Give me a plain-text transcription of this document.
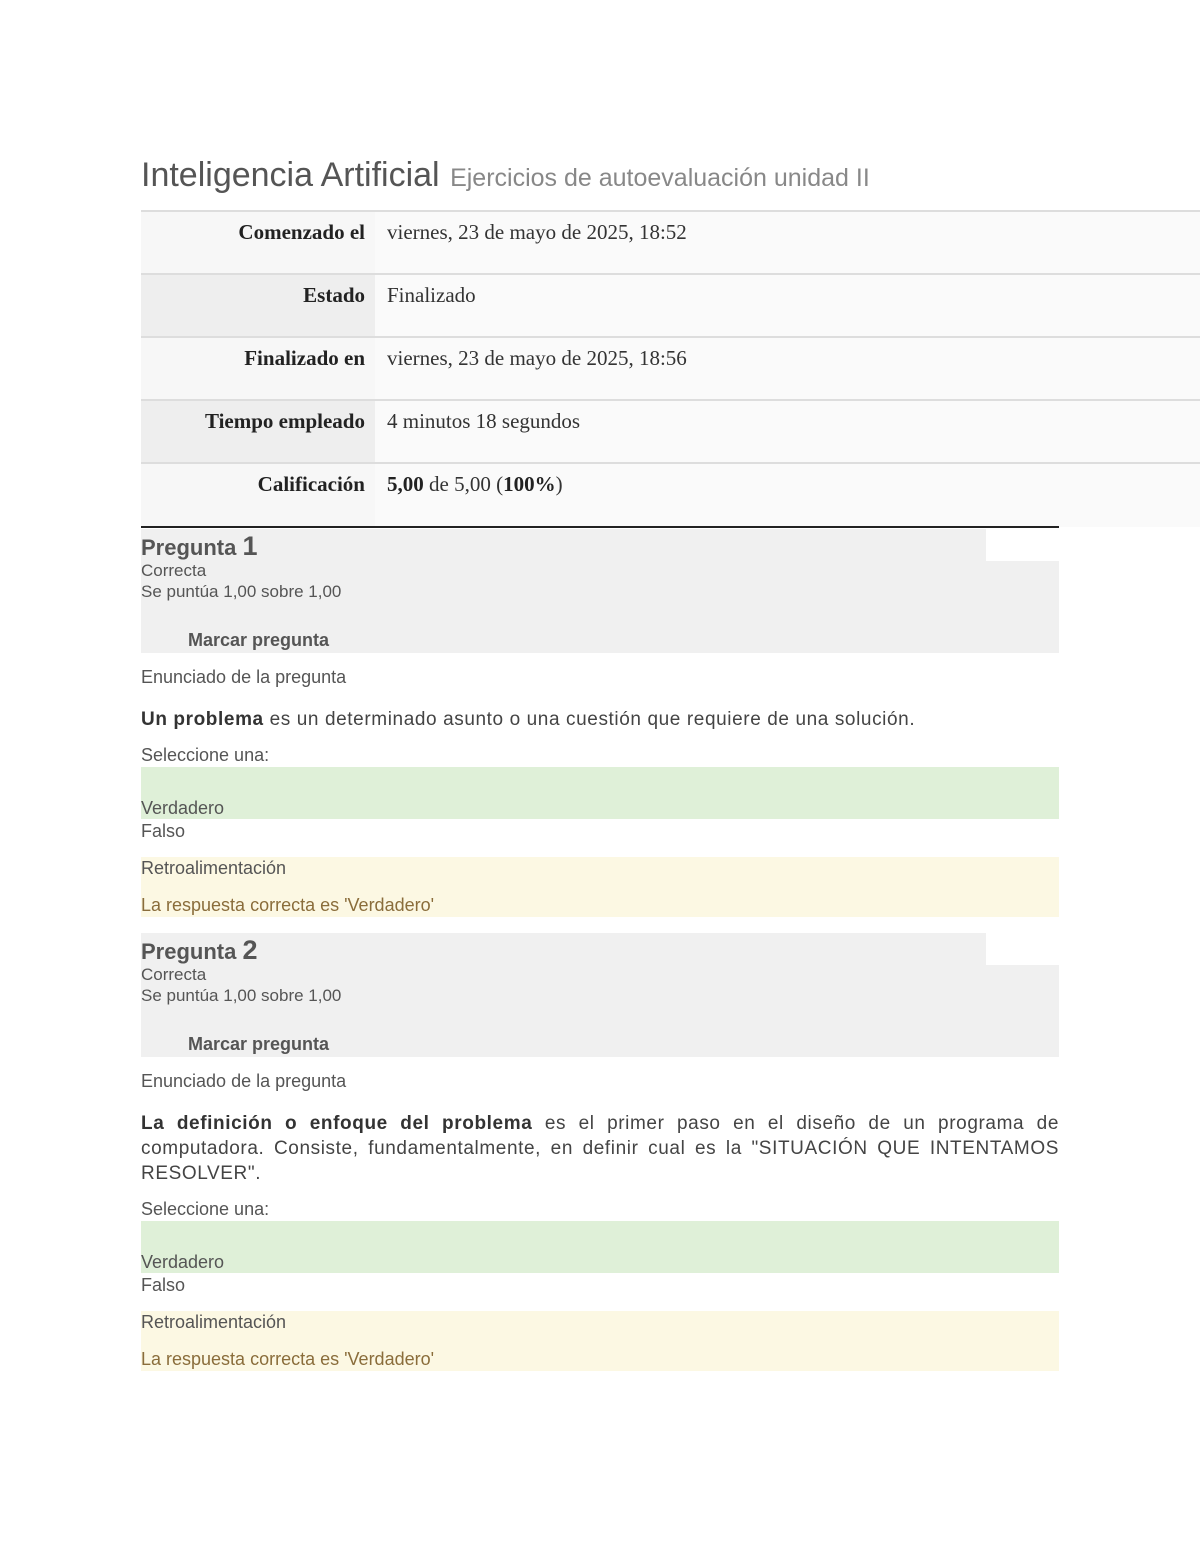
Inteligencia Artificial Ejercicios de autoevaluación unidad II
Comenzado el	viernes, 23 de mayo de 2025, 18:52
Estado	Finalizado
Finalizado en	viernes, 23 de mayo de 2025, 18:56
Tiempo empleado	4 minutos 18 segundos
Calificación	5,00 de 5,00 (100%)
Pregunta 1
Correcta
Se puntúa 1,00 sobre 1,00
Marcar pregunta
Enunciado de la pregunta
Un problema es un determinado asunto o una cuestión que requiere de una solución.
Seleccione una:
Verdadero
Falso
Retroalimentación
La respuesta correcta es 'Verdadero'
Pregunta 2
Correcta
Se puntúa 1,00 sobre 1,00
Marcar pregunta
Enunciado de la pregunta
La definición o enfoque del problema es el primer paso en el diseño de un programa de computadora. Consiste, fundamentalmente, en definir cual es la "SITUACIÓN QUE INTENTAMOS RESOLVER".
Seleccione una:
Verdadero
Falso
Retroalimentación
La respuesta correcta es 'Verdadero'
